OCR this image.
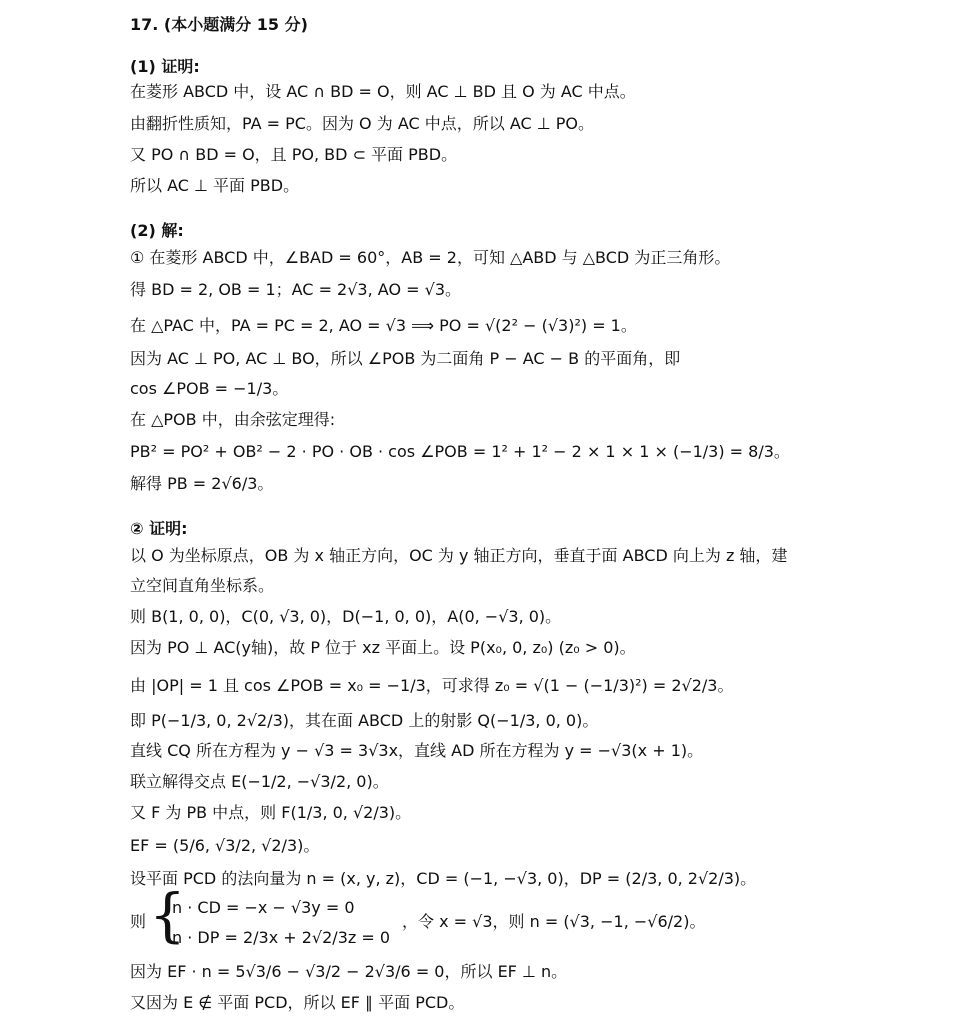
17. (本小题满分 15 分)
(1) 证明:
在菱形 ABCD 中，设 AC ∩ BD = O，则 AC ⊥ BD 且 O 为 AC 中点。
由翻折性质知，PA = PC。因为 O 为 AC 中点，所以 AC ⊥ PO。
又 PO ∩ BD = O，且 PO, BD ⊂ 平面 PBD。
所以 AC ⊥ 平面 PBD。
(2) 解:
① 在菱形 ABCD 中，∠BAD = 60°，AB = 2，可知 △ABD 与 △BCD 为正三角形。
得 BD = 2, OB = 1；AC = 2√3, AO = √3。
在 △PAC 中，PA = PC = 2, AO = √3 ⟹ PO = √(2² − (√3)²) = 1。
因为 AC ⊥ PO, AC ⊥ BO，所以 ∠POB 为二面角 P − AC − B 的平面角，即
cos ∠POB = −1/3。
在 △POB 中，由余弦定理得:
PB² = PO² + OB² − 2 · PO · OB · cos ∠POB = 1² + 1² − 2 × 1 × 1 × (−1/3) = 8/3。
解得 PB = 2√6/3。
② 证明:
以 O 为坐标原点，OB 为 x 轴正方向，OC 为 y 轴正方向，垂直于面 ABCD 向上为 z 轴，建
立空间直角坐标系。
则 B(1, 0, 0)，C(0, √3, 0)，D(−1, 0, 0)，A(0, −√3, 0)。
因为 PO ⊥ AC(y轴)，故 P 位于 xz 平面上。设 P(x₀, 0, z₀) (z₀ > 0)。
由 |OP| = 1 且 cos ∠POB = x₀ = −1/3，可求得 z₀ = √(1 − (−1/3)²) = 2√2/3。
即 P(−1/3, 0, 2√2/3)，其在面 ABCD 上的射影 Q(−1/3, 0, 0)。
直线 CQ 所在方程为 y − √3 = 3√3x，直线 AD 所在方程为 y = −√3(x + 1)。
联立解得交点 E(−1/2, −√3/2, 0)。
又 F 为 PB 中点，则 F(1/3, 0, √2/3)。
EF = (5/6, √3/2, √2/3)。
设平面 PCD 的法向量为 n = (x, y, z)，CD = (−1, −√3, 0)，DP = (2/3, 0, 2√2/3)。
则 {
n · CD = −x − √3y = 0
n · DP = 2/3x + 2√2/3z = 0
，令 x = √3，则 n = (√3, −1, −√6/2)。
因为 EF · n = 5√3/6 − √3/2 − 2√3/6 = 0，所以 EF ⊥ n。
又因为 E ∉ 平面 PCD，所以 EF ∥ 平面 PCD。
